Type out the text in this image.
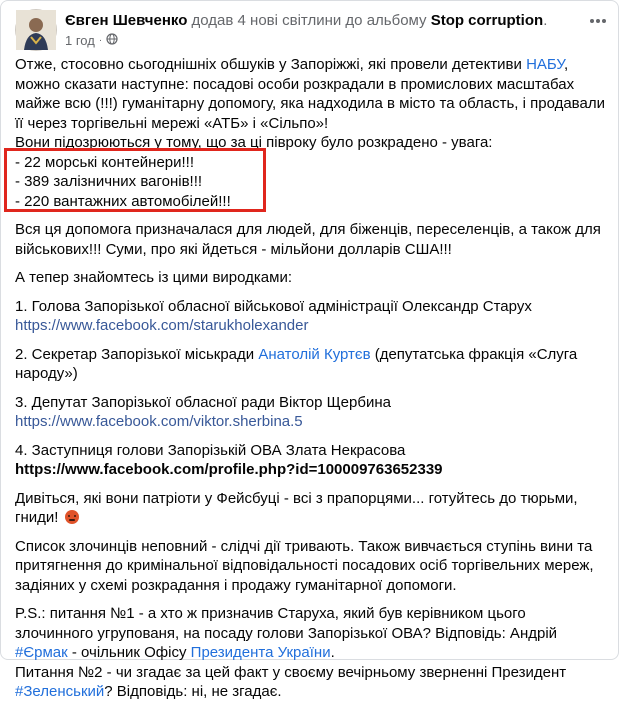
Євген Шевченко додав 4 нові світлини до альбому Stop corruption.
1 год ·

Отже, стосовно сьогоднішніх обшуків у Запоріжжі, які провели детективи НАБУ, можно сказати наступне: посадові особи розкрадали в промислових масштабах майже всю (!!!) гуманітарну допомогу, яка надходила в місто та область, і продавали її через торгівельні мережі «АТБ» і «Сільпо»!

Вони підозрюються у тому, що за ці півроку було розкрадено - увага:

- 22 морські контейнери!!!
- 389 залізничних вагонів!!!
- 220 вантажних автомобілей!!!

Вся ця допомога призначалася для людей, для біженців, переселенців, а також для військових!!! Суми, про які йдеться - мільйони долларів США!!!

А тепер знайомтесь із цими виродками:

1. Голова Запорізької обласної військової адміністрації Олександр Старух
https://www.facebook.com/starukholexander

2. Секретар Запорізької міськради Анатолій Куртєв (депутатська фракція «Слуга народу»)

3. Депутат Запорізької обласної ради Віктор Щербина
https://www.facebook.com/viktor.sherbina.5

4. Заступниця голови Запорізькій ОВА Злата Некрасова
https://www.facebook.com/profile.php?id=100009763652339

Дивіться, які вони патріоти у Фейсбуці - всі з прапорцями... готуйтесь до тюрьми, гниди!

Список злочинців неповний - слідчі дії тривають. Також вивчається ступінь вини та притягнення до кримінальної відповідальності посадових осіб торгівельних мереж, задіяних у схемі розкрадання і продажу гуманітарної допомоги.

P.S.: питання №1 - а хто ж призначив Старуха, який був керівником цього злочинного угрупованя, на посаду голови Запорізької ОВА? Відповідь: Андрій #Єрмак - очільник Офісу Президента України.

Питання №2 - чи згадає за цей факт у своєму вечірньому зверненні Президент #Зеленський? Відповідь: ні, не згадає.
